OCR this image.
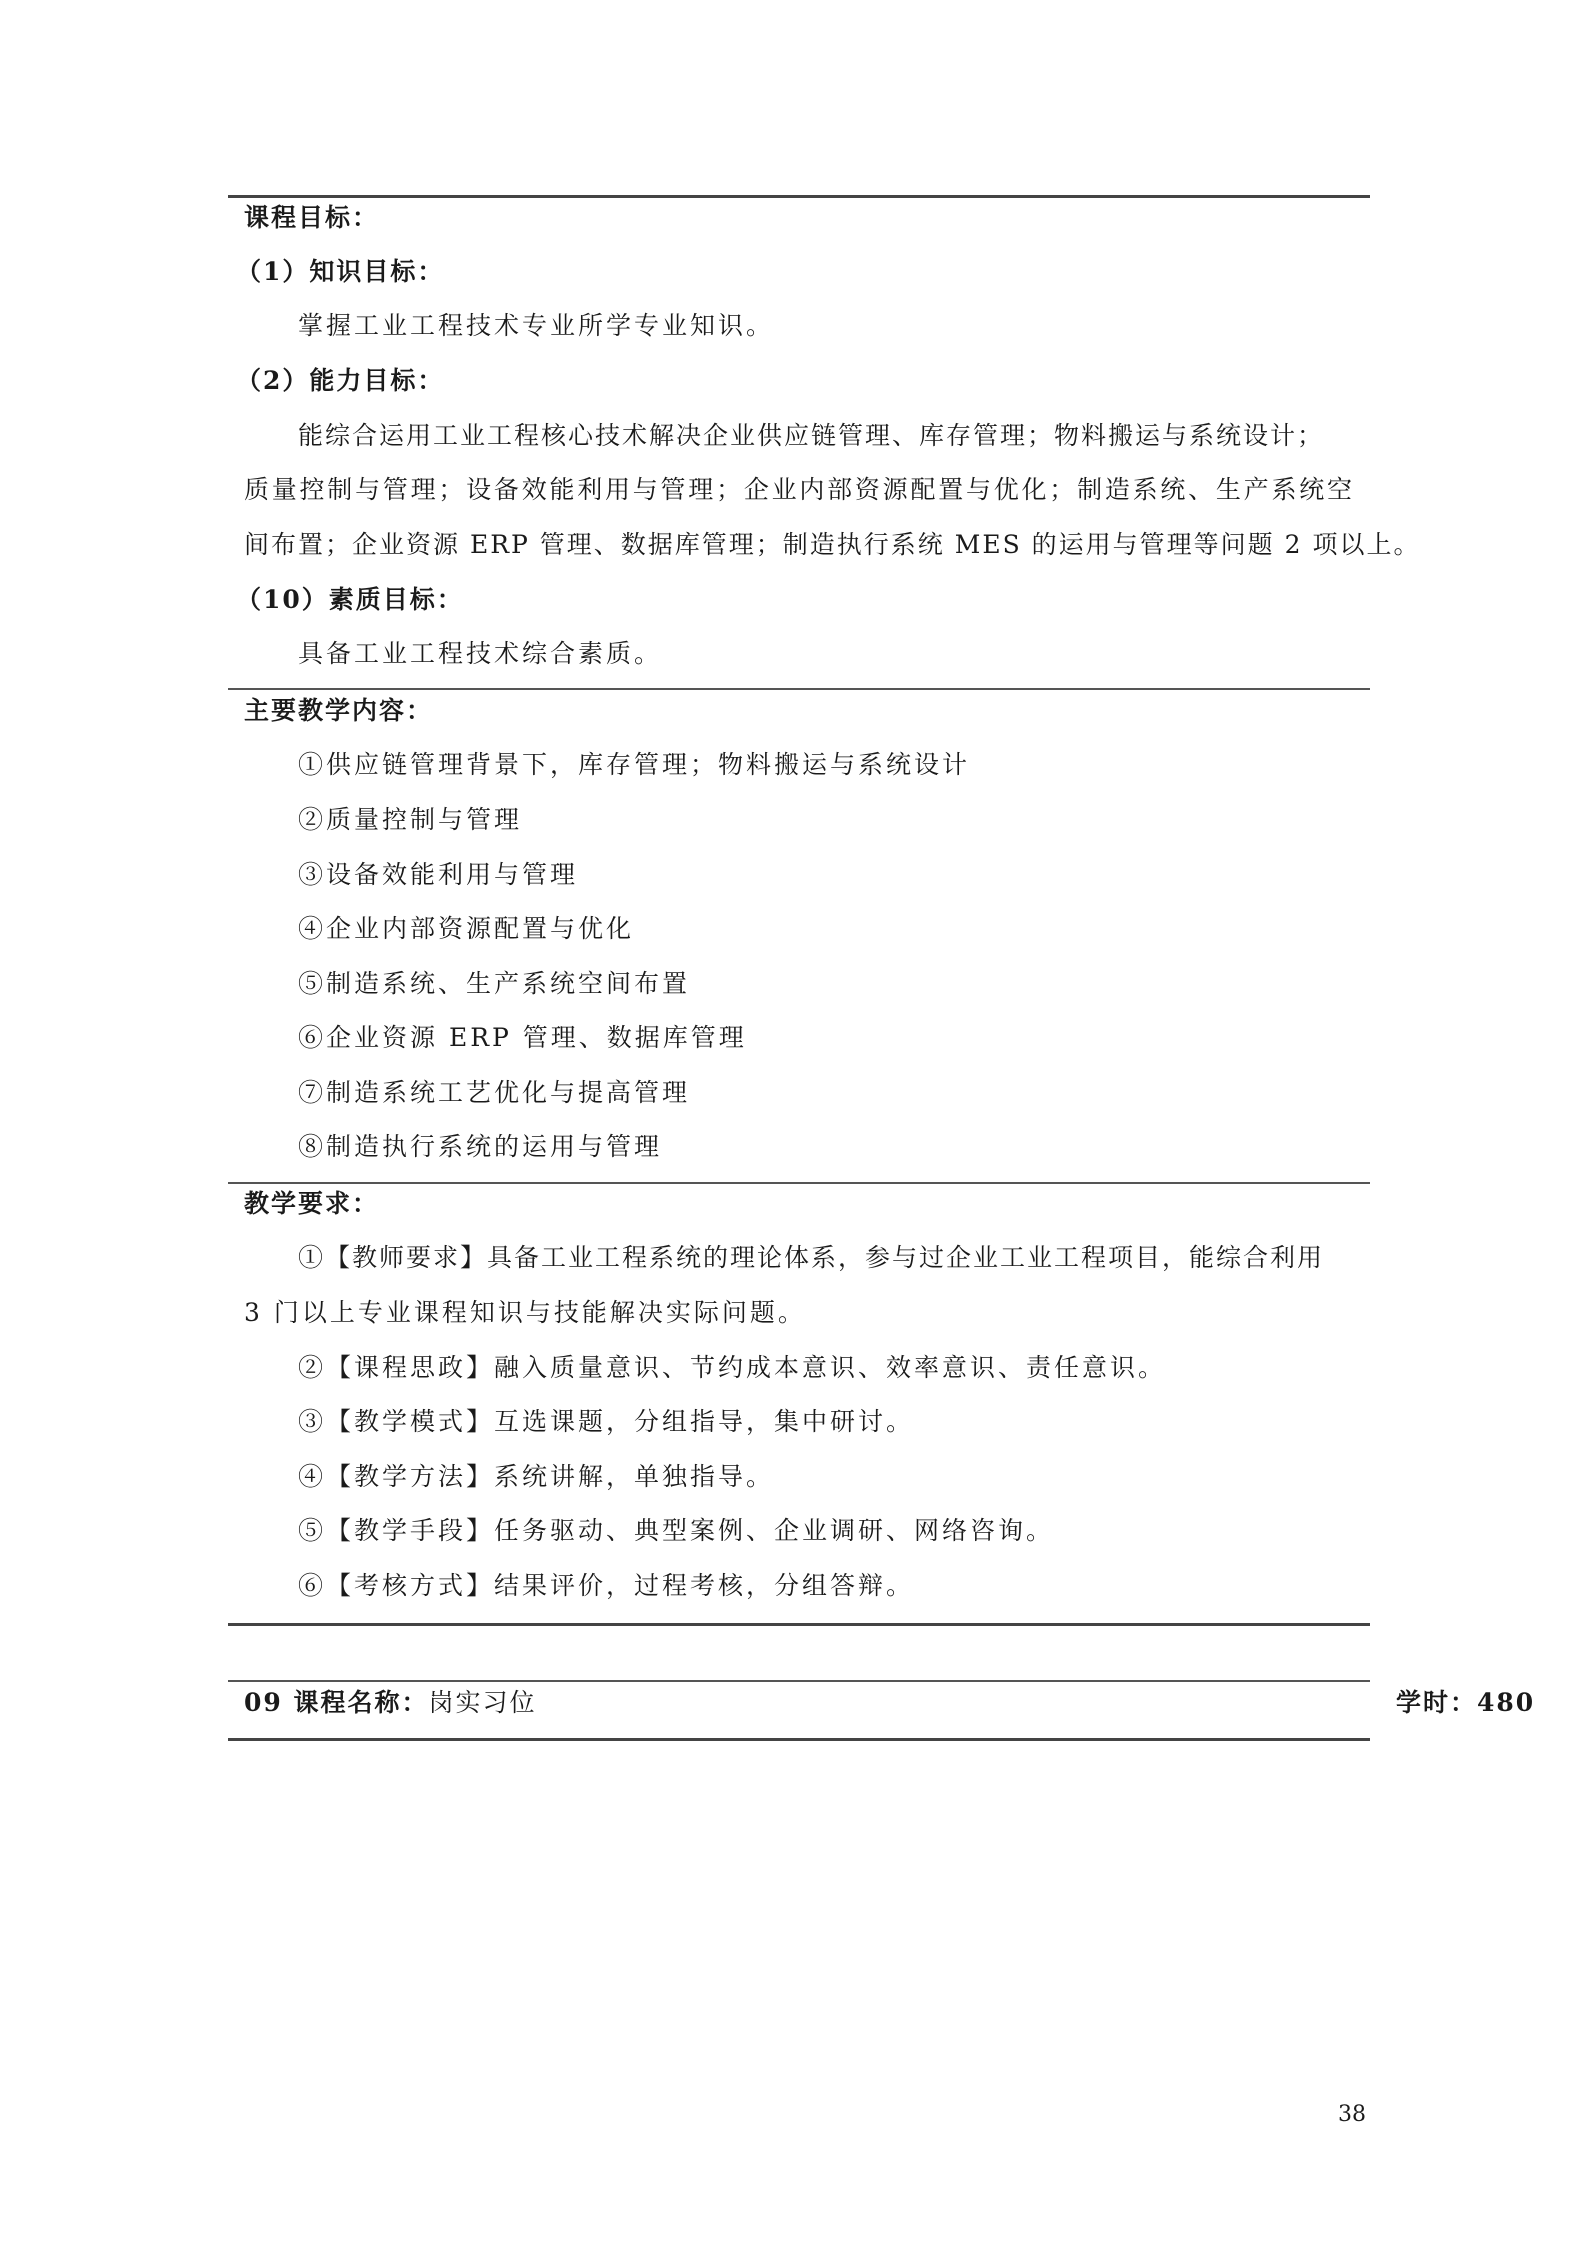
课程目标：
（1）知识目标：
掌握工业工程技术专业所学专业知识。
（2）能力目标：
能综合运用工业工程核心技术解决企业供应链管理、库存管理；物料搬运与系统设计；
质量控制与管理；设备效能利用与管理；企业内部资源配置与优化；制造系统、生产系统空
间布置；企业资源 ERP 管理、数据库管理；制造执行系统 MES 的运用与管理等问题 2 项以上。
（10）素质目标：
具备工业工程技术综合素质。
主要教学内容：
①供应链管理背景下，库存管理；物料搬运与系统设计
②质量控制与管理
③设备效能利用与管理
④企业内部资源配置与优化
⑤制造系统、生产系统空间布置
⑥企业资源 ERP 管理、数据库管理
⑦制造系统工艺优化与提高管理
⑧制造执行系统的运用与管理
教学要求：
①【教师要求】具备工业工程系统的理论体系，参与过企业工业工程项目，能综合利用
3 门以上专业课程知识与技能解决实际问题。
②【课程思政】融入质量意识、节约成本意识、效率意识、责任意识。
③【教学模式】互选课题，分组指导，集中研讨。
④【教学方法】系统讲解，单独指导。
⑤【教学手段】任务驱动、典型案例、企业调研、网络咨询。
⑥【考核方式】结果评价，过程考核，分组答辩。
09 课程名称：岗实习位	学时：480
38
